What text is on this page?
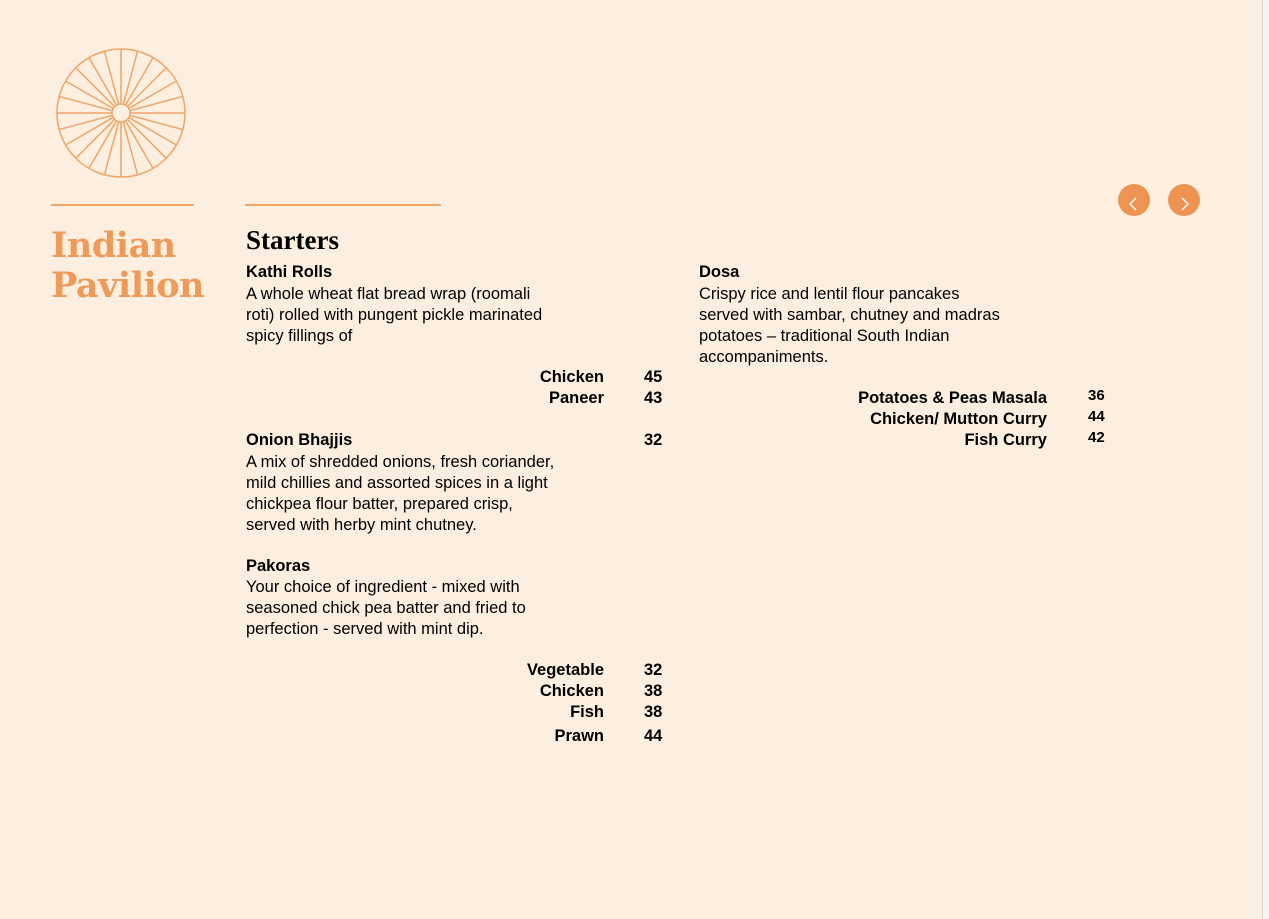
Indian
Pavilion
Starters

Kathi Rolls

A whole wheat flat bread wrap (roomali
roti) rolled with pungent pickle marinated
spicy fillings of
Chicken 45
Paneer 43

Onion Bhajjis	32
A mix of shredded onions, fresh coriander,
mild chillies and assorted spices in a light
chickpea flour batter, prepared crisp,
served with herby mint chutney.

Pakoras

Your choice of ingredient - mixed with
seasoned chick pea batter and fried to
perfection - served with mint dip.
Vegetable 32
Chicken 38
Fish 38
Prawn 44

Dosa

Crispy rice and lentil flour pancakes
served with sambar, chutney and madras
potatoes – traditional South Indian
accompaniments.
Potatoes & Peas Masala	36
Chicken/ Mutton Curry	44
Fish Curry	42
